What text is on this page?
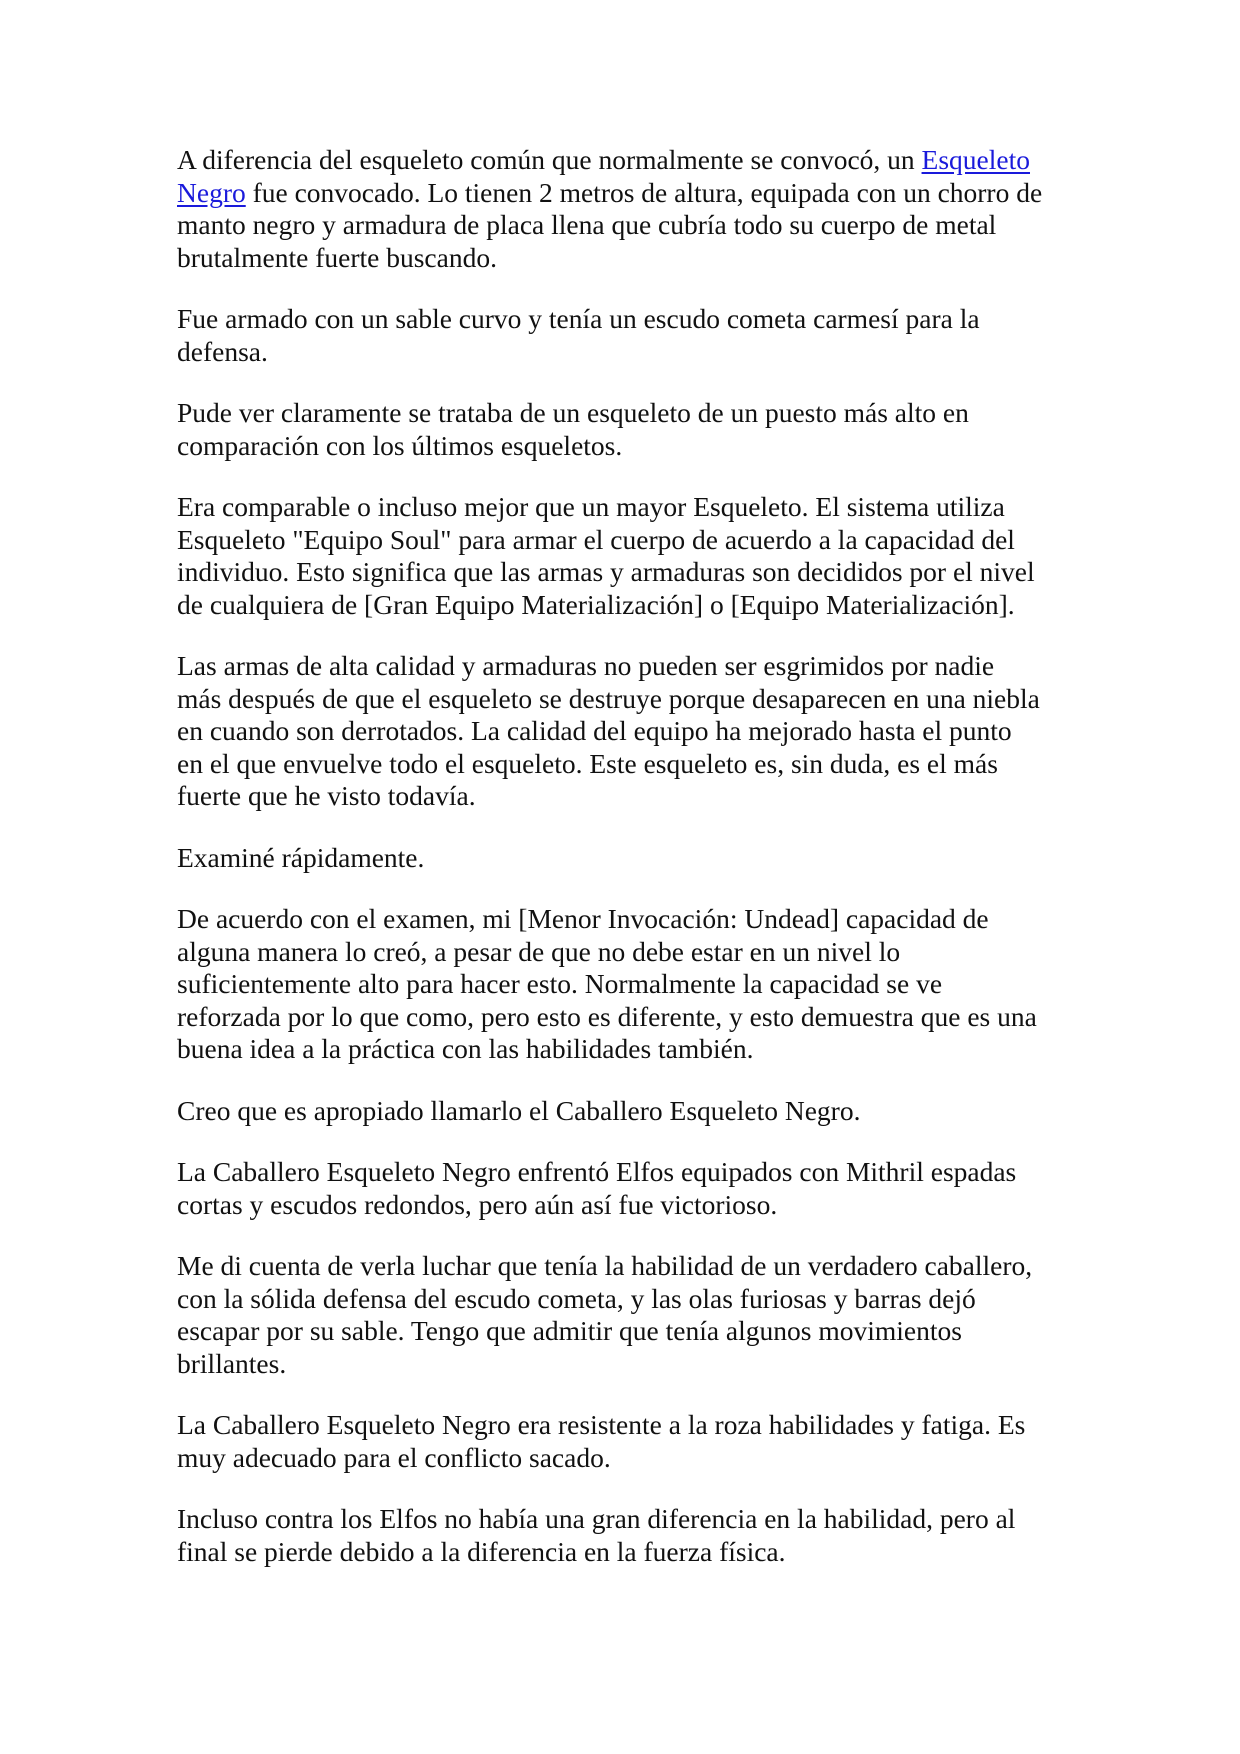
A diferencia del esqueleto común que normalmente se convocó, un Esqueleto
Negro fue convocado. Lo tienen 2 metros de altura, equipada con un chorro de
manto negro y armadura de placa llena que cubría todo su cuerpo de metal
brutalmente fuerte buscando.

Fue armado con un sable curvo y tenía un escudo cometa carmesí para la
defensa.

Pude ver claramente se trataba de un esqueleto de un puesto más alto en
comparación con los últimos esqueletos.

Era comparable o incluso mejor que un mayor Esqueleto. El sistema utiliza
Esqueleto "Equipo Soul" para armar el cuerpo de acuerdo a la capacidad del
individuo. Esto significa que las armas y armaduras son decididos por el nivel
de cualquiera de [Gran Equipo Materialización] o [Equipo Materialización].

Las armas de alta calidad y armaduras no pueden ser esgrimidos por nadie
más después de que el esqueleto se destruye porque desaparecen en una niebla
en cuando son derrotados. La calidad del equipo ha mejorado hasta el punto
en el que envuelve todo el esqueleto. Este esqueleto es, sin duda, es el más
fuerte que he visto todavía.

Examiné rápidamente.

De acuerdo con el examen, mi [Menor Invocación: Undead] capacidad de
alguna manera lo creó, a pesar de que no debe estar en un nivel lo
suficientemente alto para hacer esto. Normalmente la capacidad se ve
reforzada por lo que como, pero esto es diferente, y esto demuestra que es una
buena idea a la práctica con las habilidades también.

Creo que es apropiado llamarlo el Caballero Esqueleto Negro.

La Caballero Esqueleto Negro enfrentó Elfos equipados con Mithril espadas
cortas y escudos redondos, pero aún así fue victorioso.

Me di cuenta de verla luchar que tenía la habilidad de un verdadero caballero,
con la sólida defensa del escudo cometa, y las olas furiosas y barras dejó
escapar por su sable. Tengo que admitir que tenía algunos movimientos
brillantes.

La Caballero Esqueleto Negro era resistente a la roza habilidades y fatiga. Es
muy adecuado para el conflicto sacado.

Incluso contra los Elfos no había una gran diferencia en la habilidad, pero al
final se pierde debido a la diferencia en la fuerza física.
